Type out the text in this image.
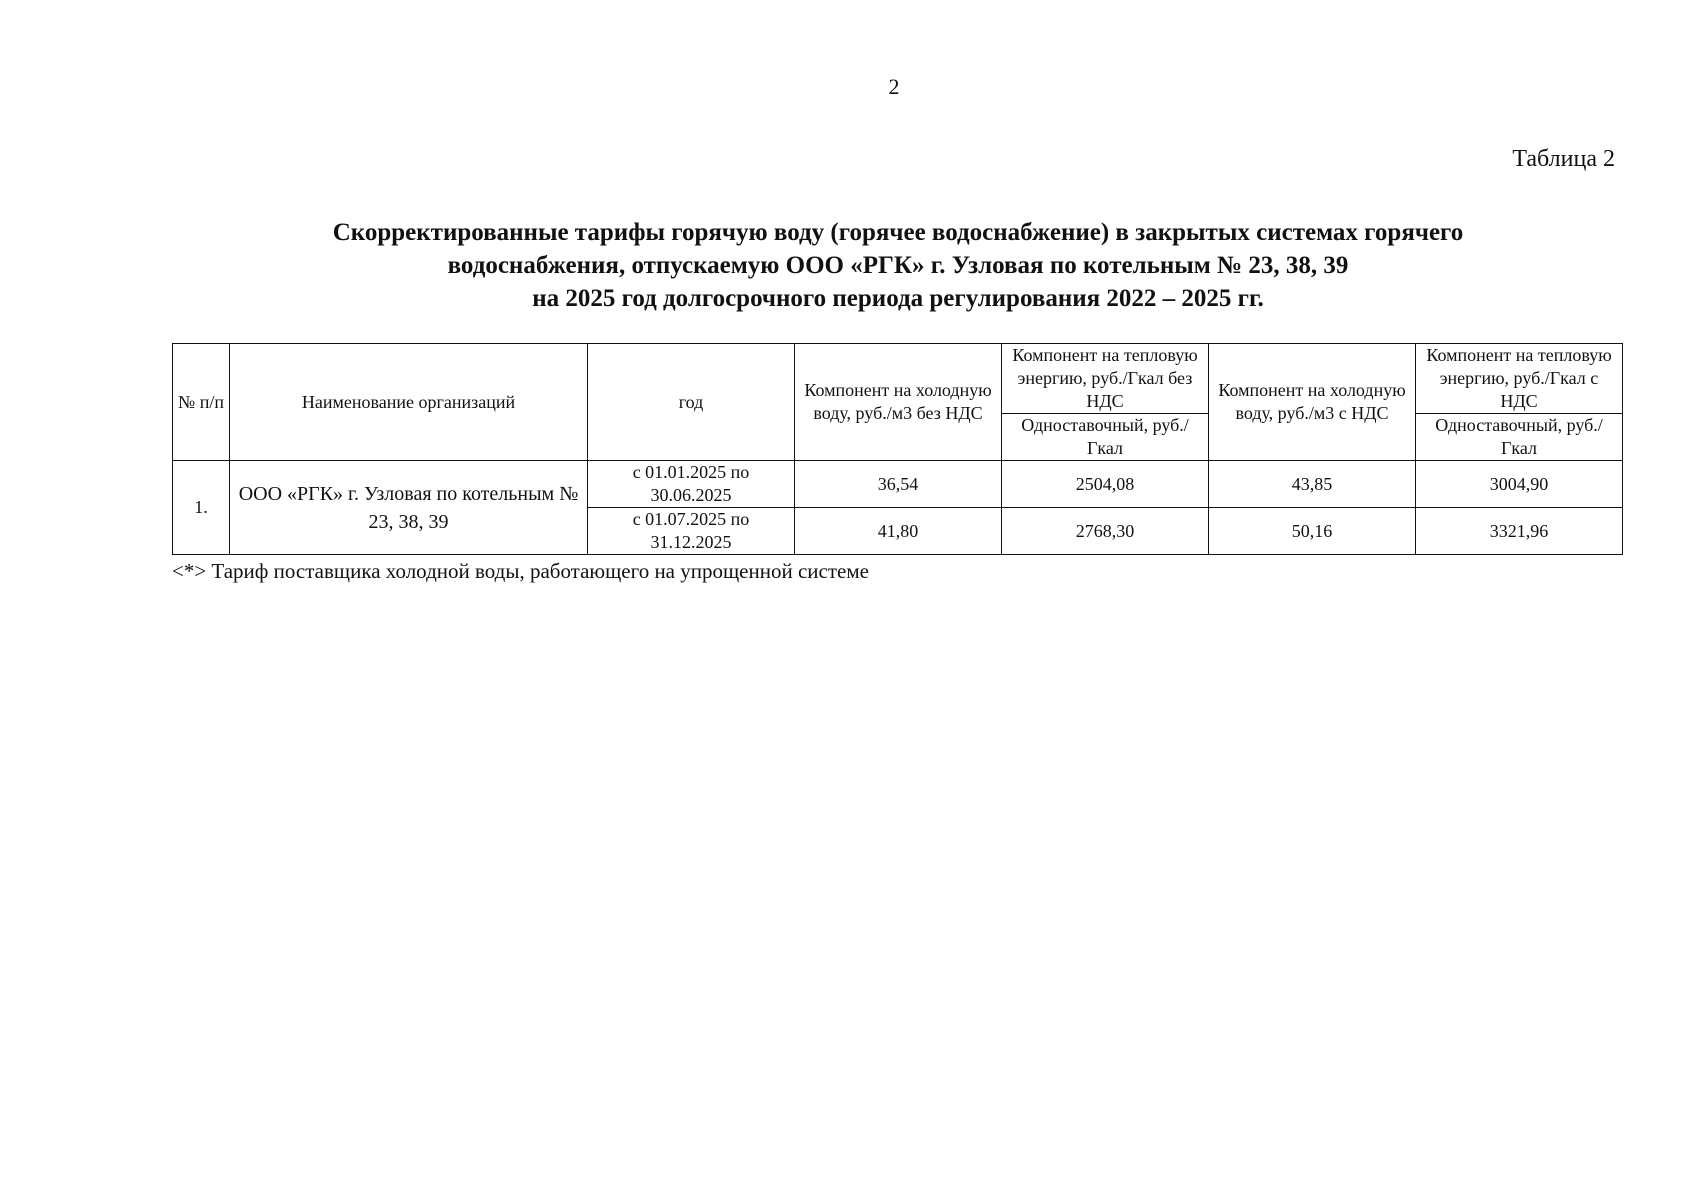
2
Таблица 2
Скорректированные тарифы горячую воду (горячее водоснабжение) в закрытых системах горячего
водоснабжения, отпускаемую ООО «РГК» г. Узловая по котельным № 23, 38, 39
на 2025 год долгосрочного периода регулирования 2022 – 2025 гг.
№ п/п	Наименование организаций	год	Компонент на холодную воду, руб./м3 без НДС	Компонент на тепловую энергию, руб./Гкал без НДС	Компонент на холодную воду, руб./м3 с НДС	Компонент на тепловую энергию, руб./Гкал с НДС
				Одноставочный, руб./Гкал		Одноставочный, руб./Гкал
1.	ООО «РГК» г. Узловая по котельным № 23, 38, 39	с 01.01.2025 по 30.06.2025	36,54	2504,08	43,85	3004,90
		с 01.07.2025 по 31.12.2025	41,80	2768,30	50,16	3321,96
<*> Тариф поставщика холодной воды, работающего на упрощенной системе
